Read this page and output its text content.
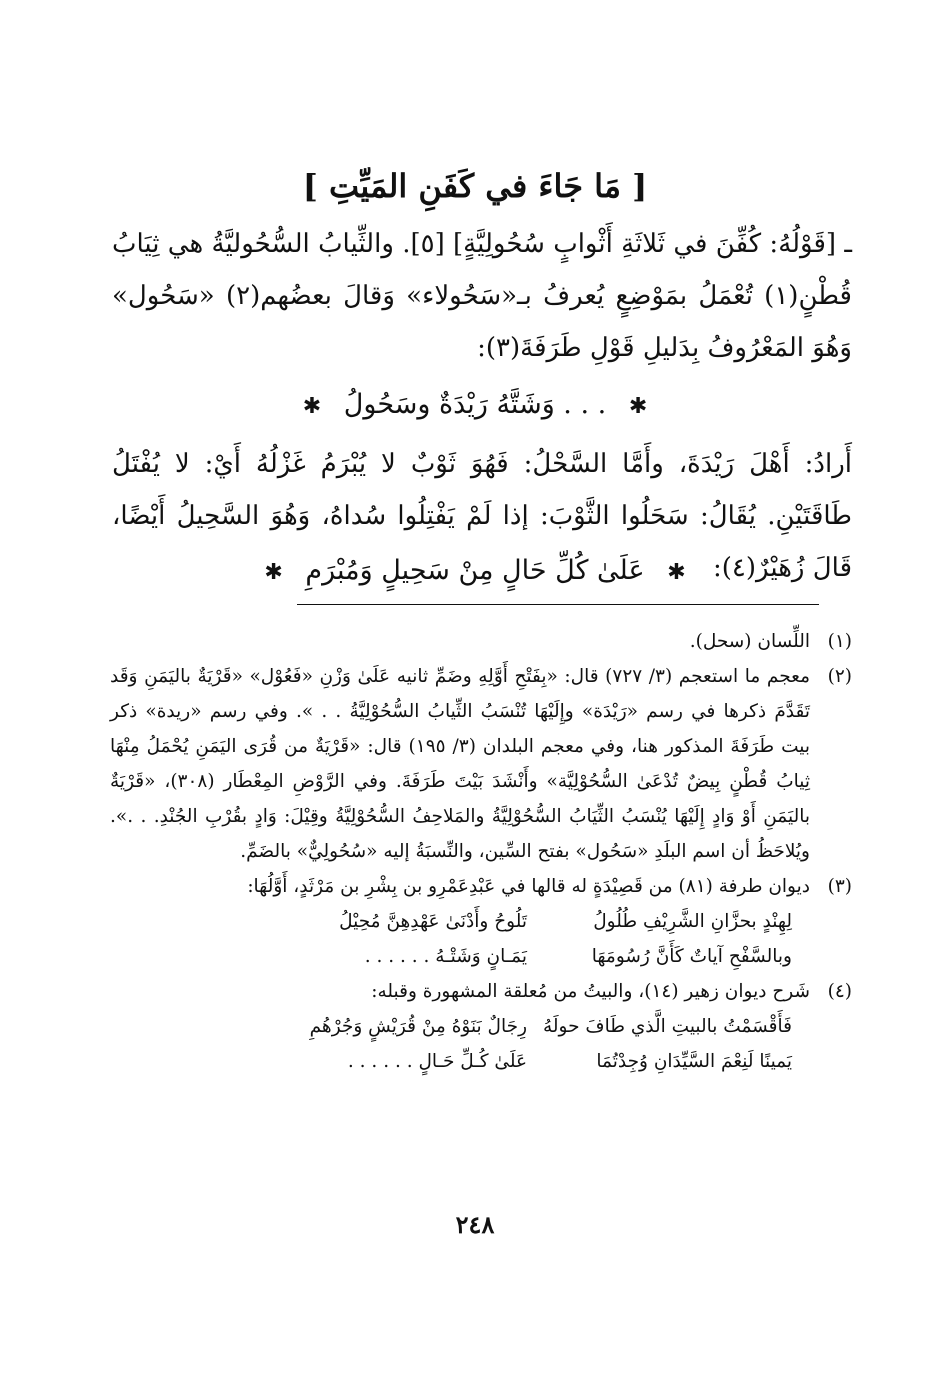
[ مَا جَاءَ في كَفَنِ المَيِّتِ ]

ـ [قَوْلُهُ: كُفِّنَ في ثَلاثَةِ أَثْوابٍ سُحُولِيَّةٍ] [٥]. والثِّيابُ السُّحُوليَّةُ هي ثِيَابُ قُطْنٍ(١) تُعْمَلُ بمَوْضِعٍ يُعرفُ بـ«سَحُولاء» وَقالَ بعضُهم(٢) «سَحُول» وَهُوَ المَعْرُوفُ بِدَليلِ قَوْلِ طَرَفَةَ(٣):

✱ . . . وَشَتَّهُ رَيْدَةٌ وسَحُولُ ✱

أَرادُ: أَهْلَ رَيْدَةَ، وأَمَّا السَّحْلُ: فَهُوَ ثَوْبٌ لا يُبْرَمُ غَزْلُهُ أَيْ: لا يُفْتَلُ طَاقَتَيْنِ. يُقَالُ: سَحَلُوا الثَّوْبَ: إذا لَمْ يَفْتِلُوا سُداهُ، وَهُوَ السَّحِيلُ أَيْضًا، قَالَ زُهَيْرٌ(٤):

✱ عَلَىٰ كُلِّ حَالٍ مِنْ سَحِيلٍ وَمُبْرَمِ ✱
(١)
اللِّسان (سحل).
(٢)
معجم ما استعجم (٣/ ٧٢٧) قال: «بِفَتْحِ أَوَّلِهِ وضَمِّ ثانيه عَلَىٰ وَزْنِ «فَعُوْل» «قَرْيَةٌ باليَمَنِ وَقَد تَقَدَّمَ ذكرها في رسم «رَيْدَة» وإِلَيْهَا تُنْسَبُ الثِّيابُ السُّحُوْلِيَّةُ . . ». وفي رسم «ريدة» ذكر بيت طَرَفَةَ المذكور هنا، وفي معجم البلدان (٣/ ١٩٥) قال: «قَرْيَةٌ من قُرَى اليَمَنِ يُحْمَلُ مِنْهَا ثِيابُ قُطْنٍ بِيضٌ تُدْعَىٰ السُّحُوْلِيَّة» وأَنْشَدَ بَيْتَ طَرَفَةَ. وفي الرَّوْضِ المِعْطَار (٣٠٨)، «قَرْيَةٌ باليَمَنِ أَوْ وَادٍ إِلَيْهَا يُنْسَبُ الثِّيَابُ السُّحُوْلِيَّةُ والمَلاحِفُ السُّحُوْلِيَّةُ وقِيْلَ: وَادٍ بقُرْبِ الجُنْدِ. . .». ويُلاحَظُ أن اسم البلَدِ «سَحُول» بفتح السِّين، والنِّسبَةُ إليه «سُحُولِيٌّ» بالضَمِّ.
(٣)
ديوان طرفة (٨١) من قَصِيْدَةٍ له قالها في عَبْدِعَمْرِو بن بِشْرِ بن مَرْثَدٍ، أَوَّلُهَا:
لِهِنْدٍ بحزَّانِ الشَّرِيْفِ طُلُولُ
تَلُوحُ وأَدْنَىٰ عَهْدِهِنَّ مُحِيْلُ
وبالسَّفْحِ آياتٌ كَأَنَّ رُسُومَهَا
يَمَـانٍ وَشَتْـهُ . . . . . .
(٤)
شَرح ديوان زهير (١٤)، والبيتُ من مُعلقة المشهورة وقبله:
فَأَقْسَمْتُ بالبيتِ الَّذي طَافَ حولَهُ
رِجَالٌ بَنَوْهُ مِنْ قُرَيْشٍ وَجُرْهُمِ
يَمينًا لَنِعْمَ السَّيِّدَانِ وُجِدْتُمَا
عَلَىٰ كُـلِّ حَـالٍ . . . . . .
٢٤٨
